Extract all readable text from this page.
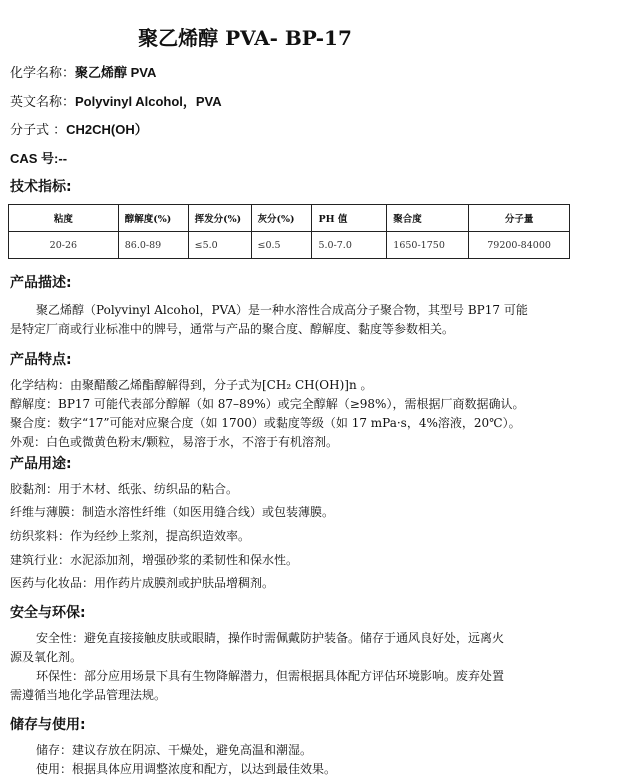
聚乙烯醇 PVA- BP-17
化学名称：聚乙烯醇 PVA
英文名称：Polyvinyl Alcohol，PVA
分子式 ：CH2CH(OH）
CAS 号:--
技术指标:
粘度	醇解度(%)	挥发分(%)	灰分(%)	PH 值	聚合度	分子量
20-26	86.0-89	≤5.0	≤0.5	5.0-7.0	1650-1750	79200-84000
产品描述:
聚乙烯醇（Polyvinyl Alcohol，PVA）是一种水溶性合成高分子聚合物，其型号 BP17 可能
是特定厂商或行业标准中的牌号，通常与产品的聚合度、醇解度、黏度等参数相关。
产品特点:
化学结构：由聚醋酸乙烯酯醇解得到，分子式为[CH₂ CH(OH)]n 。
醇解度：BP17 可能代表部分醇解（如 87–89%）或完全醇解（≥98%），需根据厂商数据确认。
聚合度：数字“17”可能对应聚合度（如 1700）或黏度等级（如 17 mPa·s，4%溶液，20℃）。
外观：白色或微黄色粉末/颗粒，易溶于水，不溶于有机溶剂。
产品用途:
胶黏剂：用于木材、纸张、纺织品的粘合。
纤维与薄膜：制造水溶性纤维（如医用缝合线）或包装薄膜。
纺织浆料：作为经纱上浆剂，提高织造效率。
建筑行业：水泥添加剂，增强砂浆的柔韧性和保水性。
医药与化妆品：用作药片成膜剂或护肤品增稠剂。
安全与环保:
安全性：避免直接接触皮肤或眼睛，操作时需佩戴防护装备。储存于通风良好处，远离火
源及氧化剂。
环保性：部分应用场景下具有生物降解潜力，但需根据具体配方评估环境影响。废弃处置
需遵循当地化学品管理法规。
储存与使用:
储存：建议存放在阴凉、干燥处，避免高温和潮湿。
使用：根据具体应用调整浓度和配方，以达到最佳效果。
